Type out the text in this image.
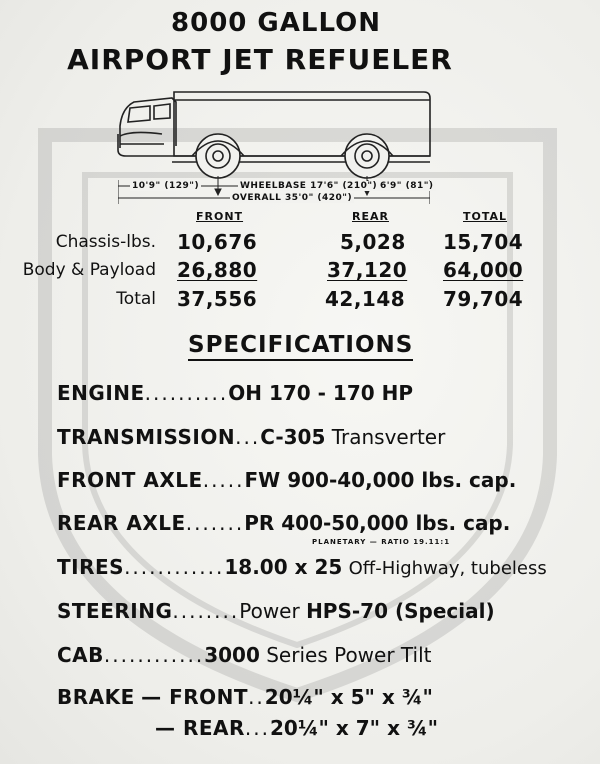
8000 GALLON
AIRPORT JET REFUELER
10'9" (129")	WHEELBASE 17'6" (210") 6'9" (81")
OVERALL 35'0" (420")
FRONT	REAR	TOTAL
Chassis-lbs. 10,676	5,028 15,704
Body & Payload 26,880	37,120 64,000
Total 37,556	42,148 79,704
SPECIFICATIONS
ENGINE..........OH 170 - 170 HP
TRANSMISSION...C-305 Transverter
FRONT AXLE.....FW 900-40,000 lbs. cap.
REAR AXLE.......PR 400-50,000 lbs. cap.
PLANETARY — RATIO 19.11:1
TIRES............18.00 x 25 Off-Highway, tubeless
STEERING........Power HPS-70 (Special)
CAB............3000 Series Power Tilt
BRAKE — FRONT..20¼" x 5" x ¾"
— REAR...20¼" x 7" x ¾"
